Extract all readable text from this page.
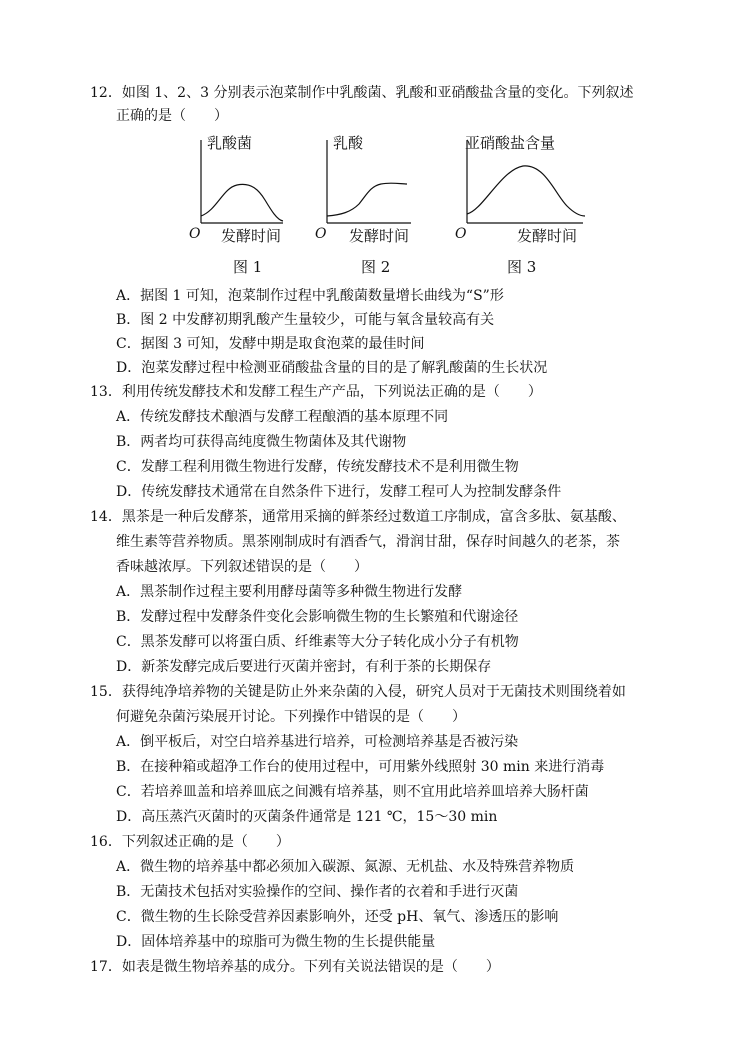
12．如图 1、2、3 分别表示泡菜制作中乳酸菌、乳酸和亚硝酸盐含量的变化。下列叙述
正确的是（　　）
乳酸菌
O 发酵时间
图 1
乳酸
O 发酵时间
图 2
亚硝酸盐含量
O	发酵时间
图 3
A．据图 1 可知，泡菜制作过程中乳酸菌数量增长曲线为“S”形
B．图 2 中发酵初期乳酸产生量较少，可能与氧含量较高有关
C．据图 3 可知，发酵中期是取食泡菜的最佳时间
D．泡菜发酵过程中检测亚硝酸盐含量的目的是了解乳酸菌的生长状况
13．利用传统发酵技术和发酵工程生产产品，下列说法正确的是（　　）
A．传统发酵技术酿酒与发酵工程酿酒的基本原理不同
B．两者均可获得高纯度微生物菌体及其代谢物
C．发酵工程利用微生物进行发酵，传统发酵技术不是利用微生物
D．传统发酵技术通常在自然条件下进行，发酵工程可人为控制发酵条件
14．黑茶是一种后发酵茶，通常用采摘的鲜茶经过数道工序制成，富含多肽、氨基酸、
维生素等营养物质。黑茶刚制成时有酒香气，滑润甘甜，保存时间越久的老茶，茶
香味越浓厚。下列叙述错误的是（　　）
A．黑茶制作过程主要利用酵母菌等多种微生物进行发酵
B．发酵过程中发酵条件变化会影响微生物的生长繁殖和代谢途径
C．黑茶发酵可以将蛋白质、纤维素等大分子转化成小分子有机物
D．新茶发酵完成后要进行灭菌并密封，有利于茶的长期保存
15．获得纯净培养物的关键是防止外来杂菌的入侵，研究人员对于无菌技术则围绕着如
何避免杂菌污染展开讨论。下列操作中错误的是（　　）
A．倒平板后，对空白培养基进行培养，可检测培养基是否被污染
B．在接种箱或超净工作台的使用过程中，可用紫外线照射 30 min 来进行消毒
C．若培养皿盖和培养皿底之间溅有培养基，则不宜用此培养皿培养大肠杆菌
D．高压蒸汽灭菌时的灭菌条件通常是 121 ℃，15～30 min
16．下列叙述正确的是（　　）
A．微生物的培养基中都必须加入碳源、氮源、无机盐、水及特殊营养物质
B．无菌技术包括对实验操作的空间、操作者的衣着和手进行灭菌
C．微生物的生长除受营养因素影响外，还受 pH、氧气、渗透压的影响
D．固体培养基中的琼脂可为微生物的生长提供能量
17．如表是微生物培养基的成分。下列有关说法错误的是（　　）
